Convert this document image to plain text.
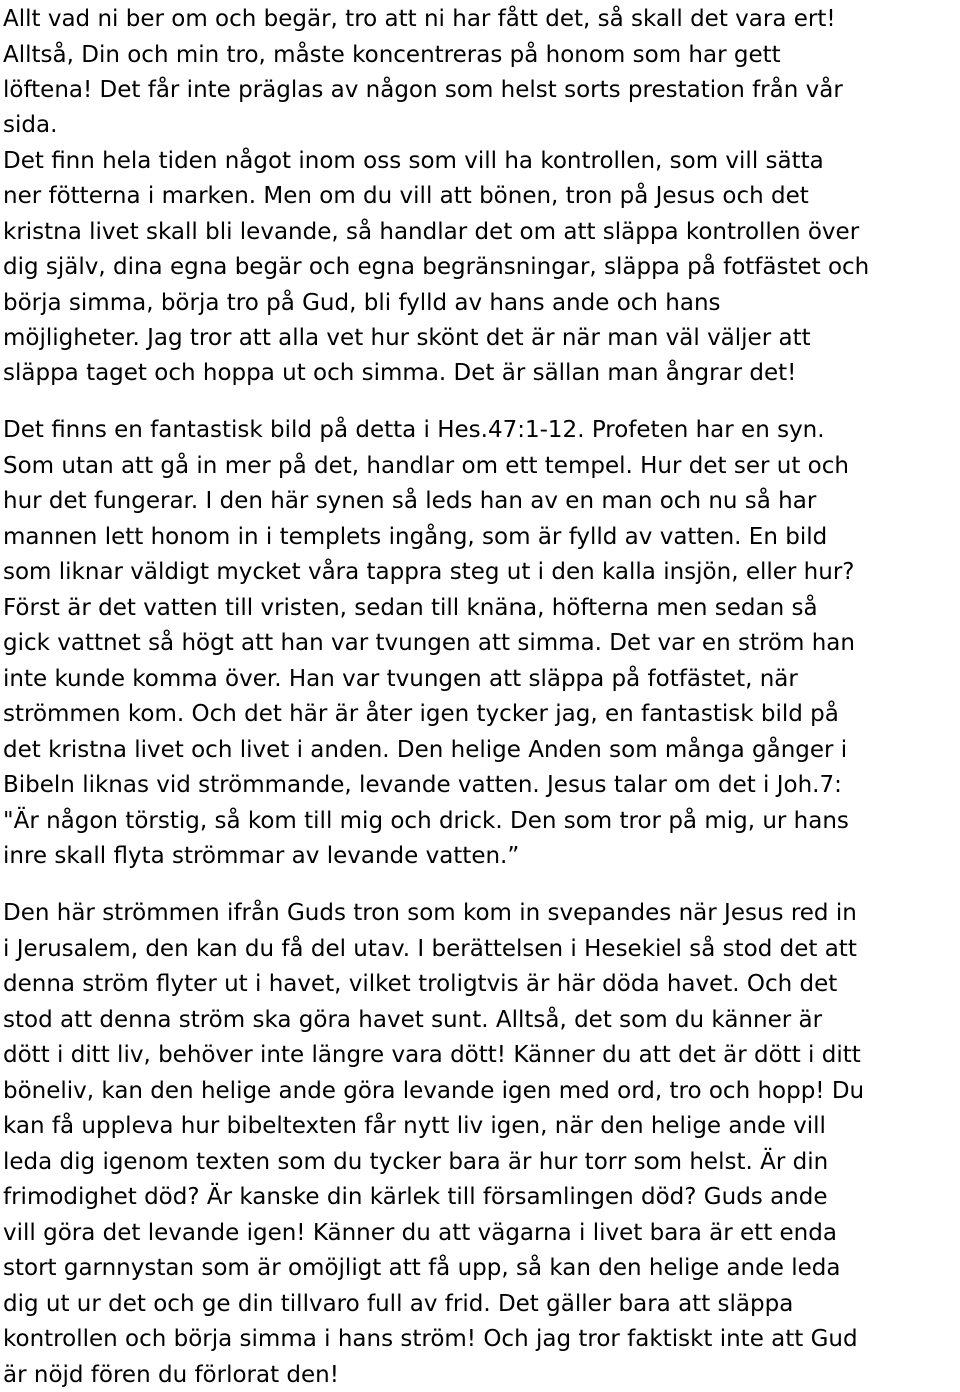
Allt vad ni ber om och begär, tro att ni har fått det, så skall det vara ert!
Alltså, Din och min tro, måste koncentreras på honom som har gett
löftena! Det får inte präglas av någon som helst sorts prestation från vår
sida.
Det finn hela tiden något inom oss som vill ha kontrollen, som vill sätta
ner fötterna i marken. Men om du vill att bönen, tron på Jesus och det
kristna livet skall bli levande, så handlar det om att släppa kontrollen över
dig själv, dina egna begär och egna begränsningar, släppa på fotfästet och
börja simma, börja tro på Gud, bli fylld av hans ande och hans
möjligheter. Jag tror att alla vet hur skönt det är när man väl väljer att
släppa taget och hoppa ut och simma. Det är sällan man ångrar det!
Det finns en fantastisk bild på detta i Hes.47:1-12. Profeten har en syn.
Som utan att gå in mer på det, handlar om ett tempel. Hur det ser ut och
hur det fungerar. I den här synen så leds han av en man och nu så har
mannen lett honom in i templets ingång, som är fylld av vatten. En bild
som liknar väldigt mycket våra tappra steg ut i den kalla insjön, eller hur?
Först är det vatten till vristen, sedan till knäna, höfterna men sedan så
gick vattnet så högt att han var tvungen att simma. Det var en ström han
inte kunde komma över. Han var tvungen att släppa på fotfästet, när
strömmen kom. Och det här är åter igen tycker jag, en fantastisk bild på
det kristna livet och livet i anden. Den helige Anden som många gånger i
Bibeln liknas vid strömmande, levande vatten. Jesus talar om det i Joh.7:
"Är någon törstig, så kom till mig och drick. Den som tror på mig, ur hans
inre skall flyta strömmar av levande vatten.”
Den här strömmen ifrån Guds tron som kom in svepandes när Jesus red in
i Jerusalem, den kan du få del utav. I berättelsen i Hesekiel så stod det att
denna ström flyter ut i havet, vilket troligtvis är här döda havet. Och det
stod att denna ström ska göra havet sunt. Alltså, det som du känner är
dött i ditt liv, behöver inte längre vara dött! Känner du att det är dött i ditt
böneliv, kan den helige ande göra levande igen med ord, tro och hopp! Du
kan få uppleva hur bibeltexten får nytt liv igen, när den helige ande vill
leda dig igenom texten som du tycker bara är hur torr som helst. Är din
frimodighet död? Är kanske din kärlek till församlingen död? Guds ande
vill göra det levande igen! Känner du att vägarna i livet bara är ett enda
stort garnnystan som är omöjligt att få upp, så kan den helige ande leda
dig ut ur det och ge din tillvaro full av frid. Det gäller bara att släppa
kontrollen och börja simma i hans ström! Och jag tror faktiskt inte att Gud
är nöjd fören du förlorat den!
